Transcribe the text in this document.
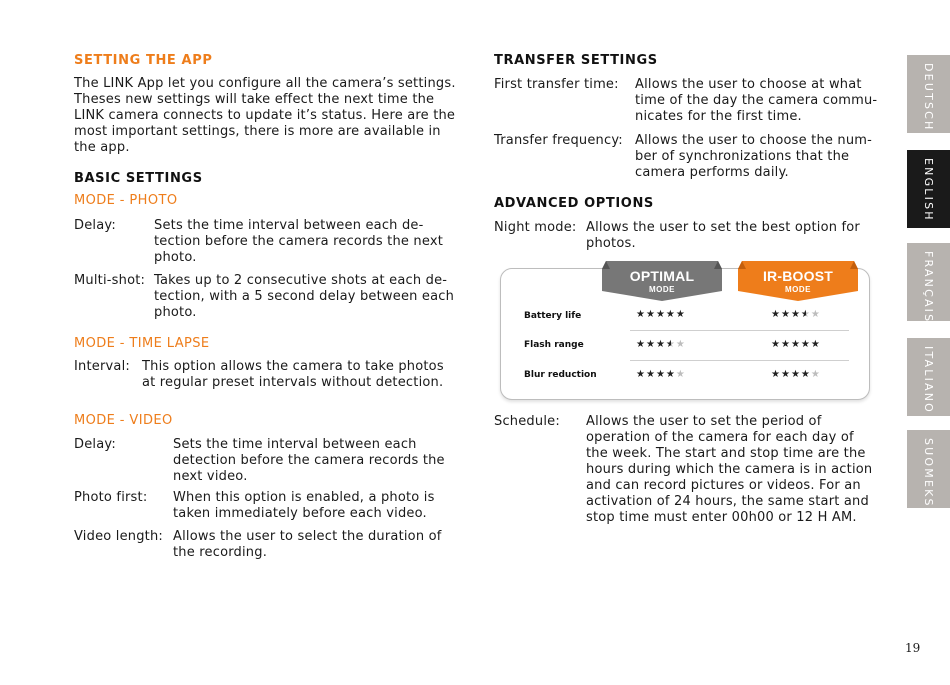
SETTING THE APP
The LINK App let you configure all the camera’s settings.
Theses new settings will take effect the next time the
LINK camera connects to update it’s status. Here are the
most important settings, there is more are available in
the app.
BASIC SETTINGS
MODE - PHOTO
Delay:	Sets the time interval between each de-
tection before the camera records the next
photo.
Multi-shot: Takes up to 2 consecutive shots at each de-
tection, with a 5 second delay between each
photo.
MODE - TIME LAPSE
Interval: This option allows the camera to take photos
at regular preset intervals without detection.
MODE - VIDEO
Delay:	Sets the time interval between each
detection before the camera records the
next video.
Photo first: When this option is enabled, a photo is
taken immediately before each video.
Video length: Allows the user to select the duration of
the recording.
TRANSFER SETTINGS
First transfer time: Allows the user to choose at what
time of the day the camera commu-
nicates for the first time.
Transfer frequency: Allows the user to choose the num-
ber of synchronizations that the
camera performs daily.
ADVANCED OPTIONS
Night mode: Allows the user to set the best option for
photos.
OPTIMAL
MODE
IR-BOOST
MODE
Battery life	★★★★★	★★★★★
Flash range	★★★★★	★★★★★
Blur reduction	★★★★★	★★★★★
Schedule: Allows the user to set the period of
operation of the camera for each day of
the week. The start and stop time are the
hours during which the camera is in action
and can record pictures or videos. For an
activation of 24 hours, the same start and
stop time must enter 00h00 or 12 H AM.
DEUTSCH
ENGLISH
FRANÇAIS
ITALIANO
SUOMEKSI
19
